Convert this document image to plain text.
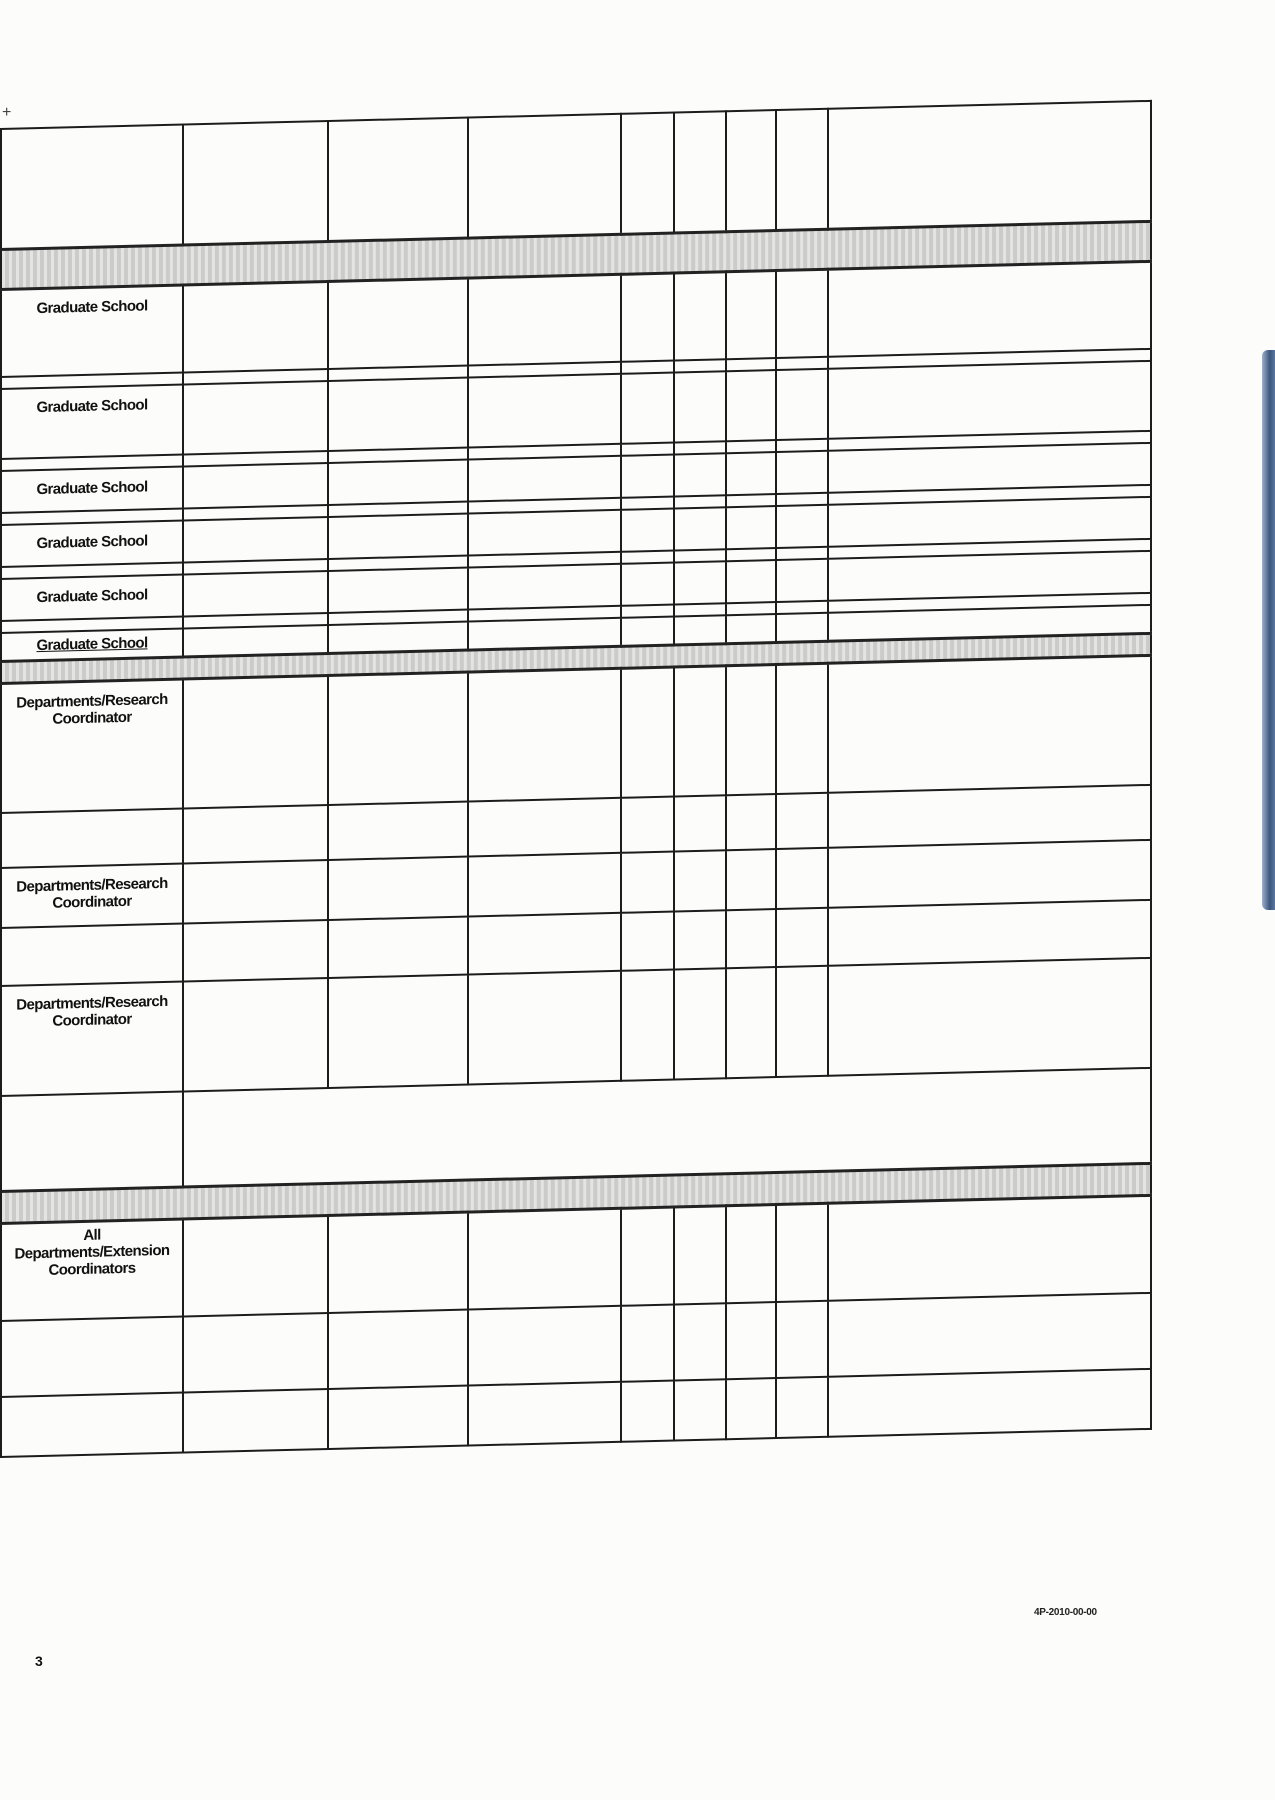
+

Graduate School								

Graduate School								

Graduate School								

Graduate School								

Graduate School								

Graduate School								

Departments/Research
Coordinator								

Departments/Research
Coordinator								

Departments/Research
Coordinator								

All
Departments/Extension
Coordinators								

4P-2010-00-00
3
